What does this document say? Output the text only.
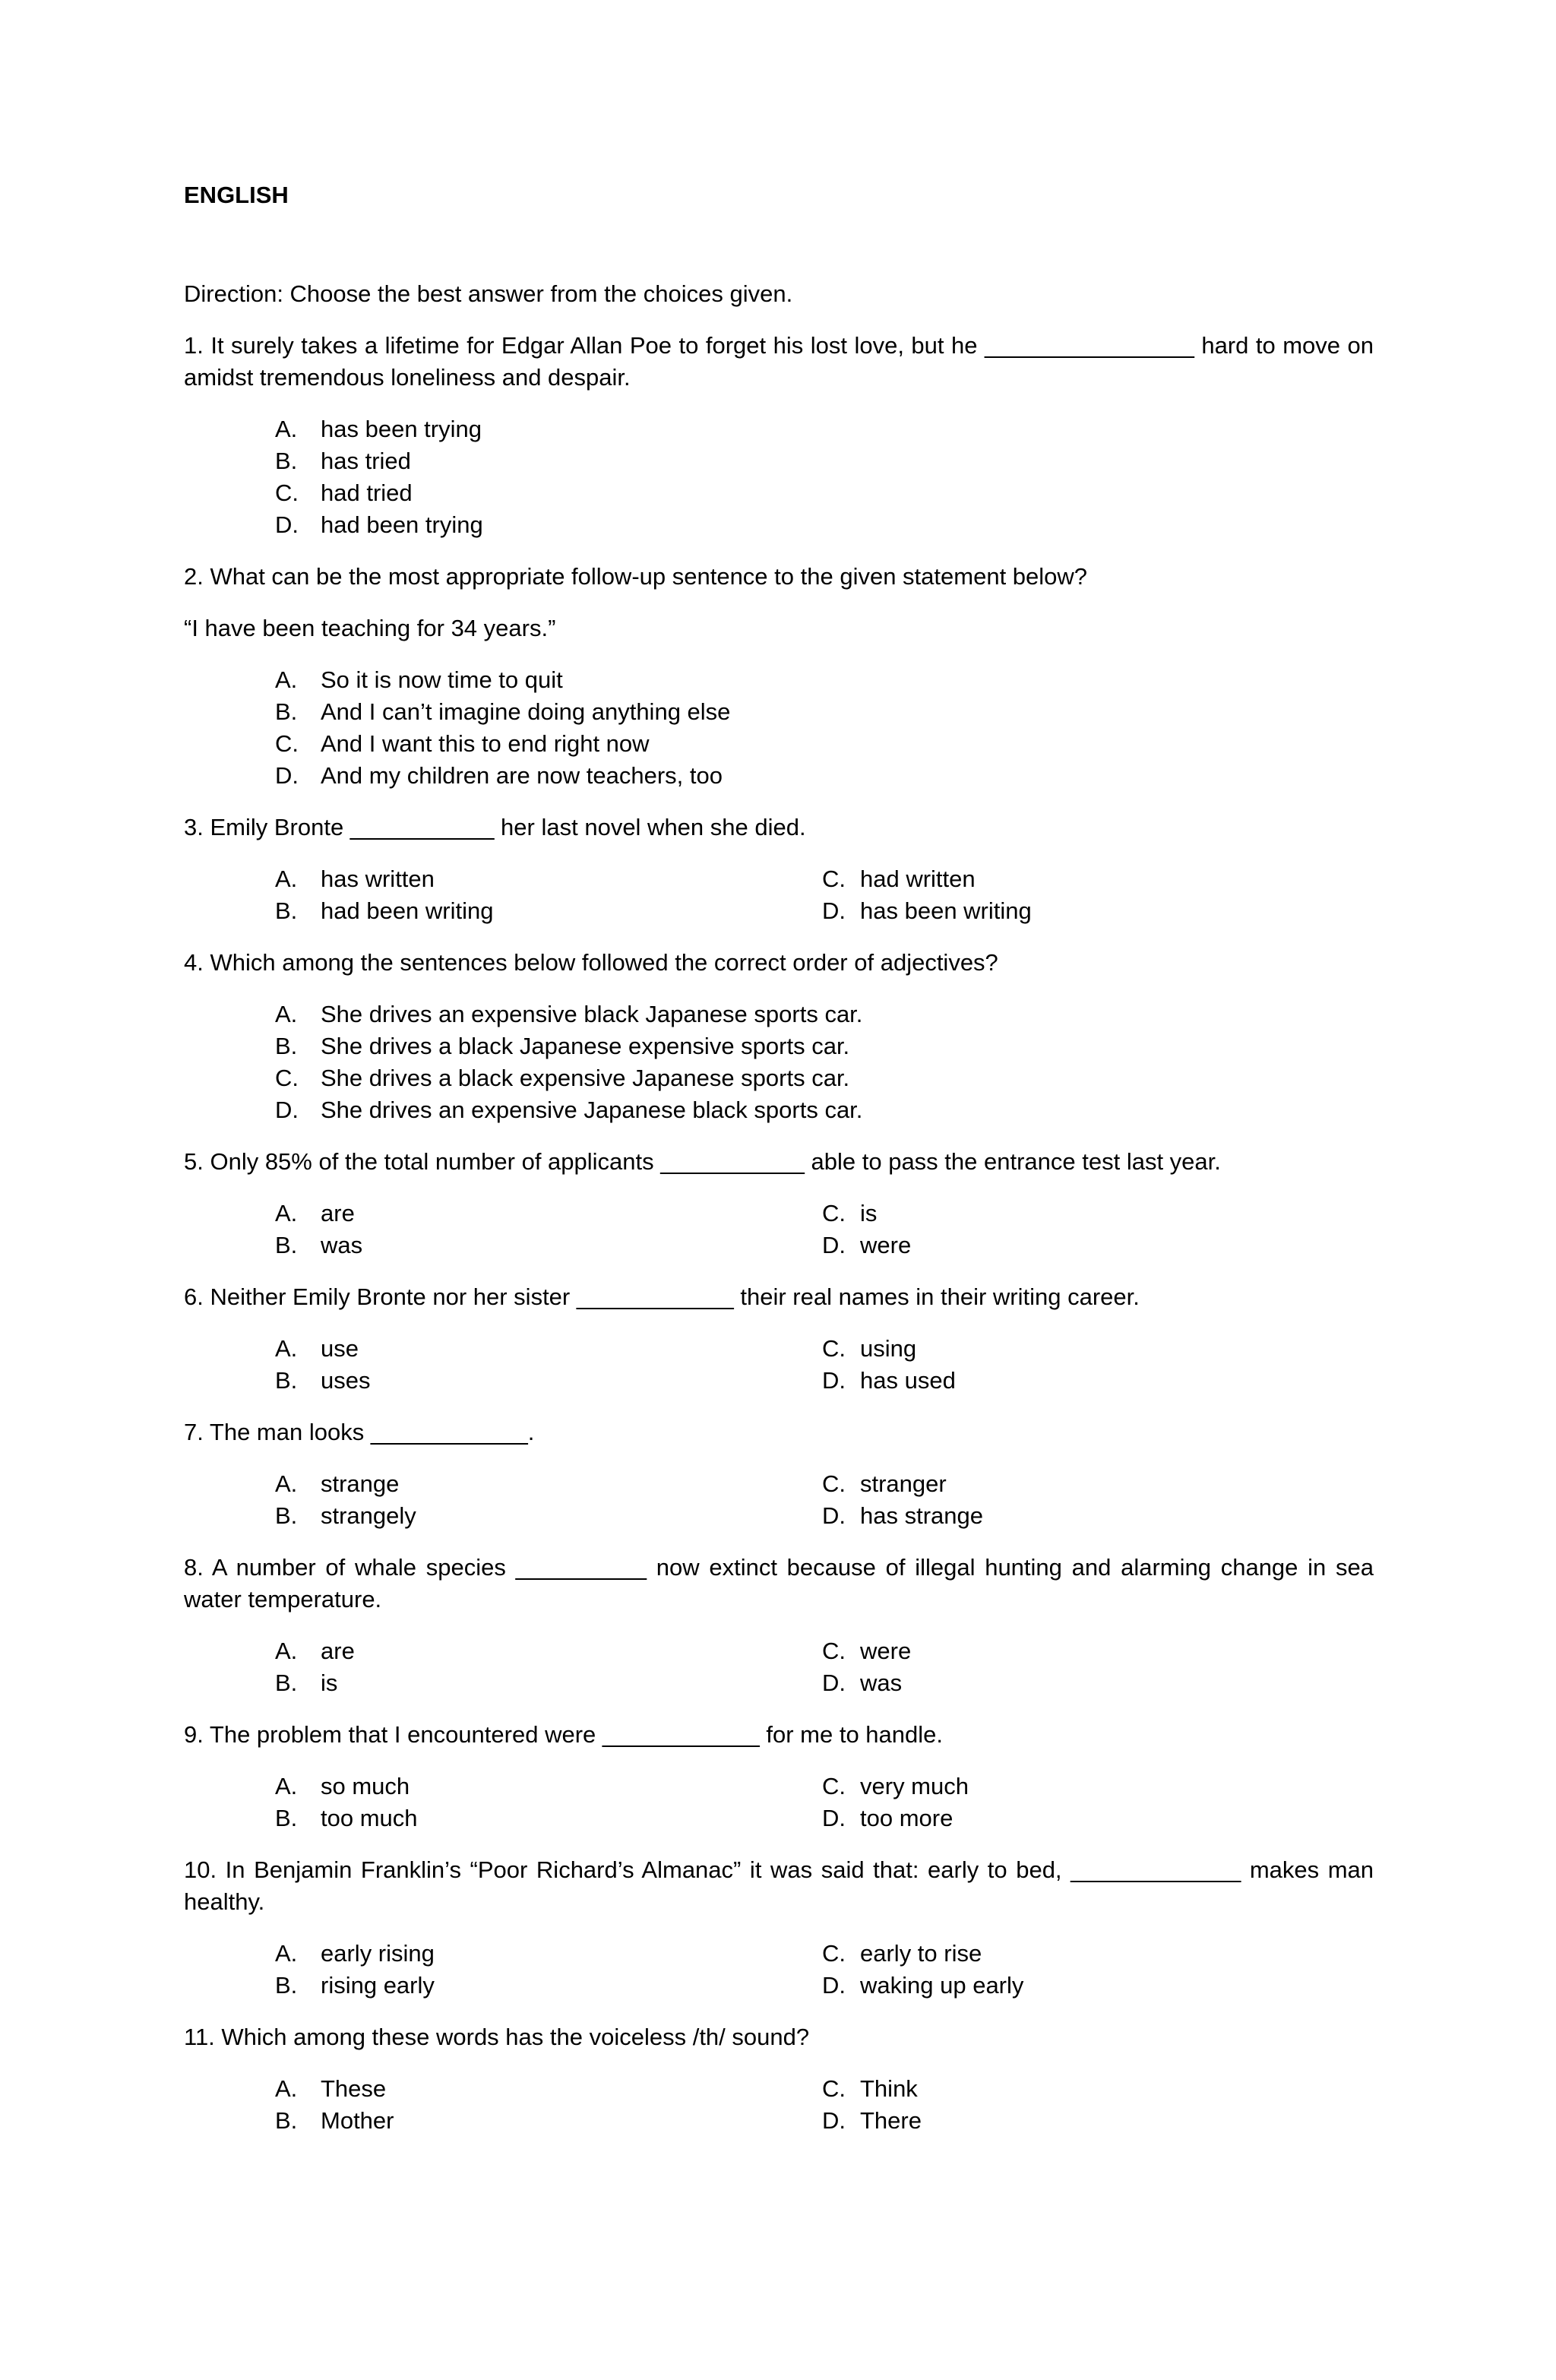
ENGLISH
Direction: Choose the best answer from the choices given.
1. It surely takes a lifetime for Edgar Allan Poe to forget his lost love, but he ________________ hard to move on amidst tremendous loneliness and despair.
A. has been trying
B. has tried
C. had tried
D. had been trying
2. What can be the most appropriate follow-up sentence to the given statement below?
“I have been teaching for 34 years.”
A. So it is now time to quit
B. And I can’t imagine doing anything else
C. And I want this to end right now
D. And my children are now teachers, too
3. Emily Bronte ___________ her last novel when she died.
A. has written
B. had been writing
C. had written
D. has been writing
4. Which among the sentences below followed the correct order of adjectives?
A. She drives an expensive black Japanese sports car.
B. She drives a black Japanese expensive sports car.
C. She drives a black expensive Japanese sports car.
D. She drives an expensive Japanese black sports car.
5. Only 85% of the total number of applicants ___________ able to pass the entrance test last year.
A. are
B. was
C. is
D. were
6. Neither Emily Bronte nor her sister ____________ their real names in their writing career.
A. use
B. uses
C. using
D. has used
7. The man looks ____________.
A. strange
B. strangely
C. stranger
D. has strange
8. A number of whale species __________ now extinct because of illegal hunting and alarming change in sea water temperature.
A. are
B. is
C. were
D. was
9. The problem that I encountered were ____________ for me to handle.
A. so much
B. too much
C. very much
D. too more
10. In Benjamin Franklin’s “Poor Richard’s Almanac” it was said that: early to bed, _____________ makes man healthy.
A. early rising
B. rising early
C. early to rise
D. waking up early
11. Which among these words has the voiceless /th/ sound?
A. These
B. Mother
C. Think
D. There
